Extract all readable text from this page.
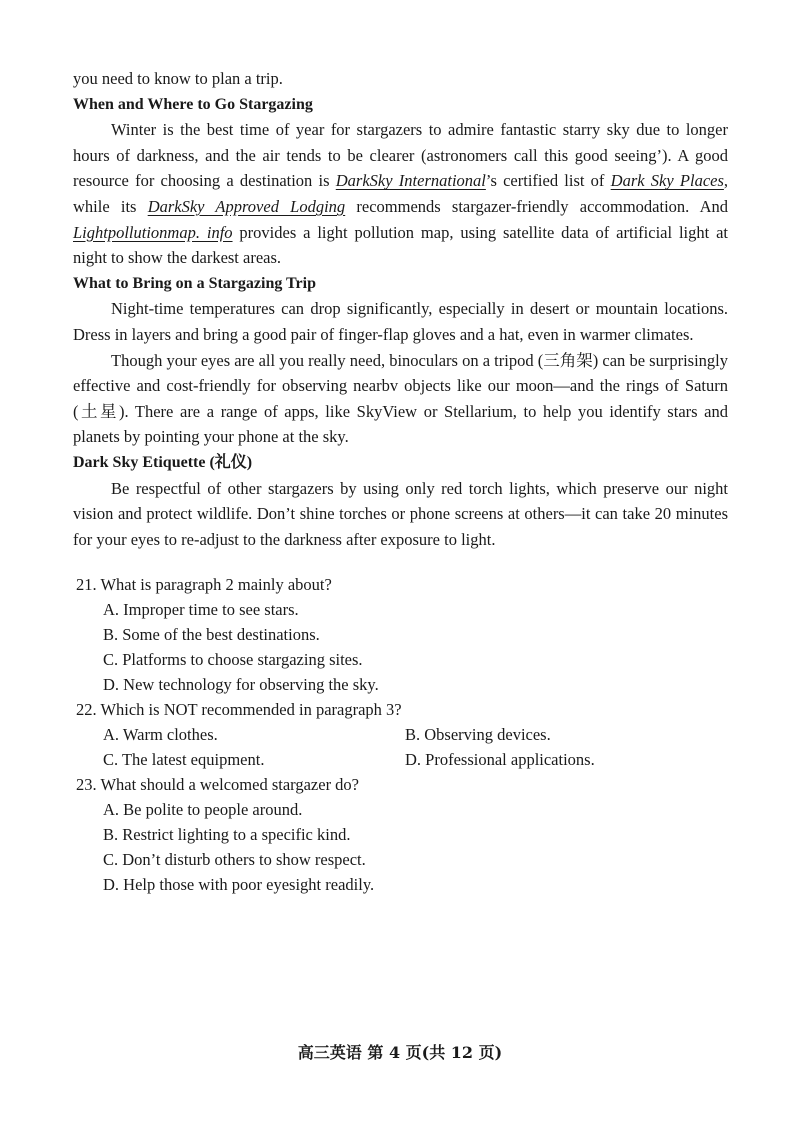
you need to know to plan a trip.
When and Where to Go Stargazing

Winter is the best time of year for stargazers to admire fantastic starry sky due to longer hours of darkness, and the air tends to be clearer (astronomers call this good seeing’). A good resource for choosing a destination is DarkSky International’s certified list of Dark Sky Places, while its DarkSky Approved Lodging recommends stargazer-friendly accommodation. And Lightpollutionmap. info provides a light pollution map, using satellite data of artificial light at night to show the darkest areas.

What to Bring on a Stargazing Trip

Night-time temperatures can drop significantly, especially in desert or mountain locations. Dress in layers and bring a good pair of finger-flap gloves and a hat, even in warmer climates.

Though your eyes are all you really need, binoculars on a tripod (三角架) can be surprisingly effective and cost-friendly for observing nearbv objects like our moon—and the rings of Saturn (土星). There are a range of apps, like SkyView or Stellarium, to help you identify stars and planets by pointing your phone at the sky.

Dark Sky Etiquette (礼仪)

Be respectful of other stargazers by using only red torch lights, which preserve our night vision and protect wildlife. Don’t shine torches or phone screens at others—it can take 20 minutes for your eyes to re-adjust to the darkness after exposure to light.

21. What is paragraph 2 mainly about?
A. Improper time to see stars.
B. Some of the best destinations.
C. Platforms to choose stargazing sites.
D. New technology for observing the sky.
22. Which is NOT recommended in paragraph 3?
A. Warm clothes.	B. Observing devices.
C. The latest equipment.	D. Professional applications.
23. What should a welcomed stargazer do?
A. Be polite to people around.
B. Restrict lighting to a specific kind.
C. Don’t disturb others to show respect.
D. Help those with poor eyesight readily.
高三英语 第 4 页(共 12 页)
